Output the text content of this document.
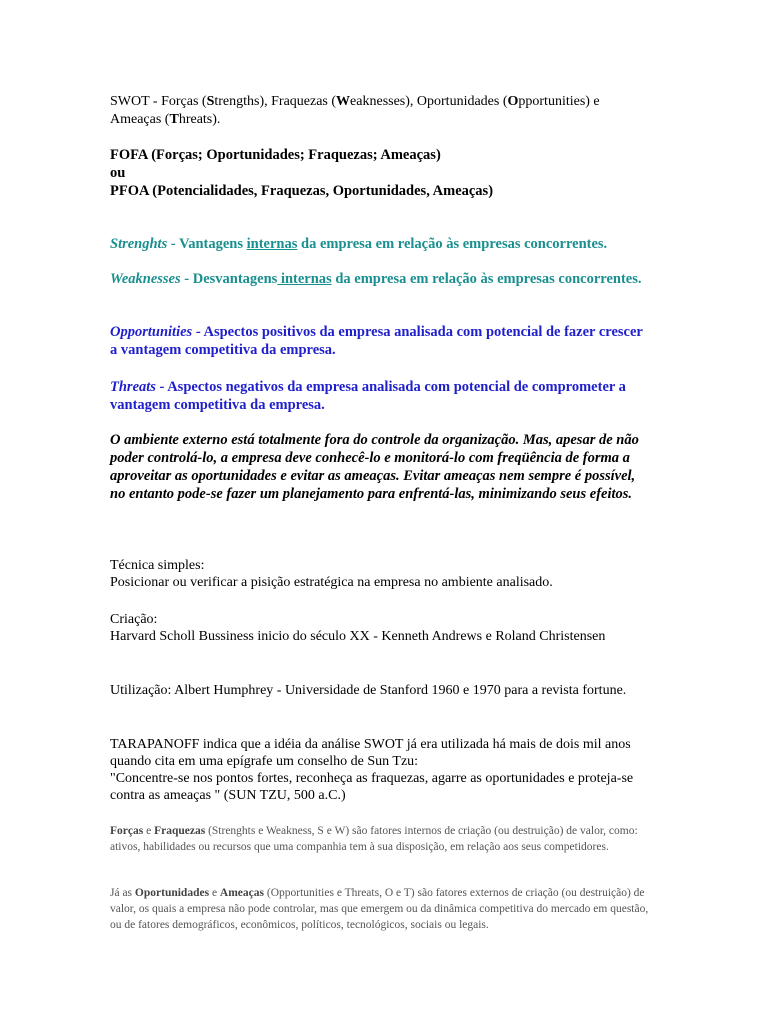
SWOT - Forças (Strengths), Fraquezas (Weaknesses), Oportunidades (Opportunities) e
Ameaças (Threats).
FOFA (Forças; Oportunidades; Fraquezas; Ameaças)
ou
PFOA (Potencialidades, Fraquezas, Oportunidades, Ameaças)
Strenghts - Vantagens internas da empresa em relação às empresas concorrentes.
Weaknesses - Desvantagens internas da empresa em relação às empresas concorrentes.
Opportunities - Aspectos positivos da empresa analisada com potencial de fazer crescer a vantagem competitiva da empresa.
Threats - Aspectos negativos da empresa analisada com potencial de comprometer a vantagem competitiva da empresa.
O ambiente externo está totalmente fora do controle da organização. Mas, apesar de não poder controlá-lo, a empresa deve conhecê-lo e monitorá-lo com freqüência de forma a aproveitar as oportunidades e evitar as ameaças. Evitar ameaças nem sempre é possível, no entanto pode-se fazer um planejamento para enfrentá-las, minimizando seus efeitos.
Técnica simples:
Posicionar ou verificar a pisição estratégica na empresa no ambiente analisado.
Criação:
Harvard Scholl Bussiness inicio do século XX - Kenneth Andrews e Roland Christensen
Utilização: Albert Humphrey - Universidade de Stanford 1960 e 1970 para a revista fortune.
TARAPANOFF indica que a idéia da análise SWOT já era utilizada há mais de dois mil anos quando cita em uma epígrafe um conselho de Sun Tzu:
"Concentre-se nos pontos fortes, reconheça as fraquezas, agarre as oportunidades e proteja-se contra as ameaças " (SUN TZU, 500 a.C.)
Forças e Fraquezas (Strenghts e Weakness, S e W) são fatores internos de criação (ou destruição) de valor, como: ativos, habilidades ou recursos que uma companhia tem à sua disposição, em relação aos seus competidores.
Já as Oportunidades e Ameaças (Opportunities e Threats, O e T) são fatores externos de criação (ou destruição) de valor, os quais a empresa não pode controlar, mas que emergem ou da dinâmica competitiva do mercado em questão, ou de fatores demográficos, econômicos, políticos, tecnológicos, sociais ou legais.
